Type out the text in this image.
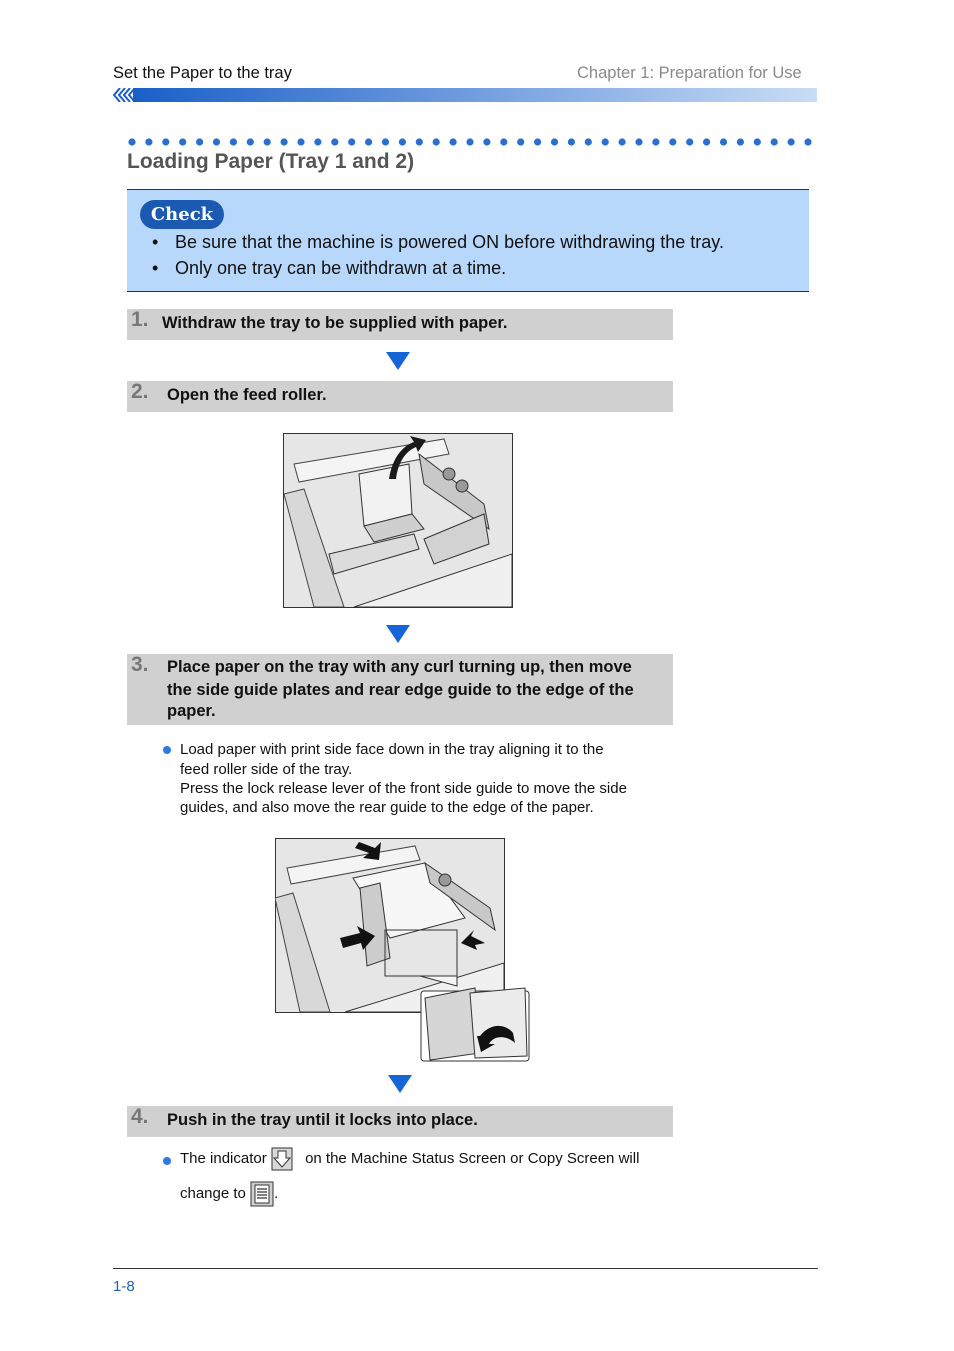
Set the Paper to the tray	Chapter 1: Preparation for Use
Loading Paper (Tray 1 and 2)
Check
• Be sure that the machine is powered ON before withdrawing the tray.
• Only one tray can be withdrawn at a time.
1. Withdraw the tray to be supplied with paper.
2. Open the feed roller.
3. Place paper on the tray with any curl turning up, then move
the side guide plates and rear edge guide to the edge of the
paper.
Load paper with print side face down in the tray aligning it to the
feed roller side of the tray.
Press the lock release lever of the front side guide to move the side
guides, and also move the rear guide to the edge of the paper.
4. Push in the tray until it locks into place.
The indicator	on the Machine Status Screen or Copy Screen will
change to .
1-8
